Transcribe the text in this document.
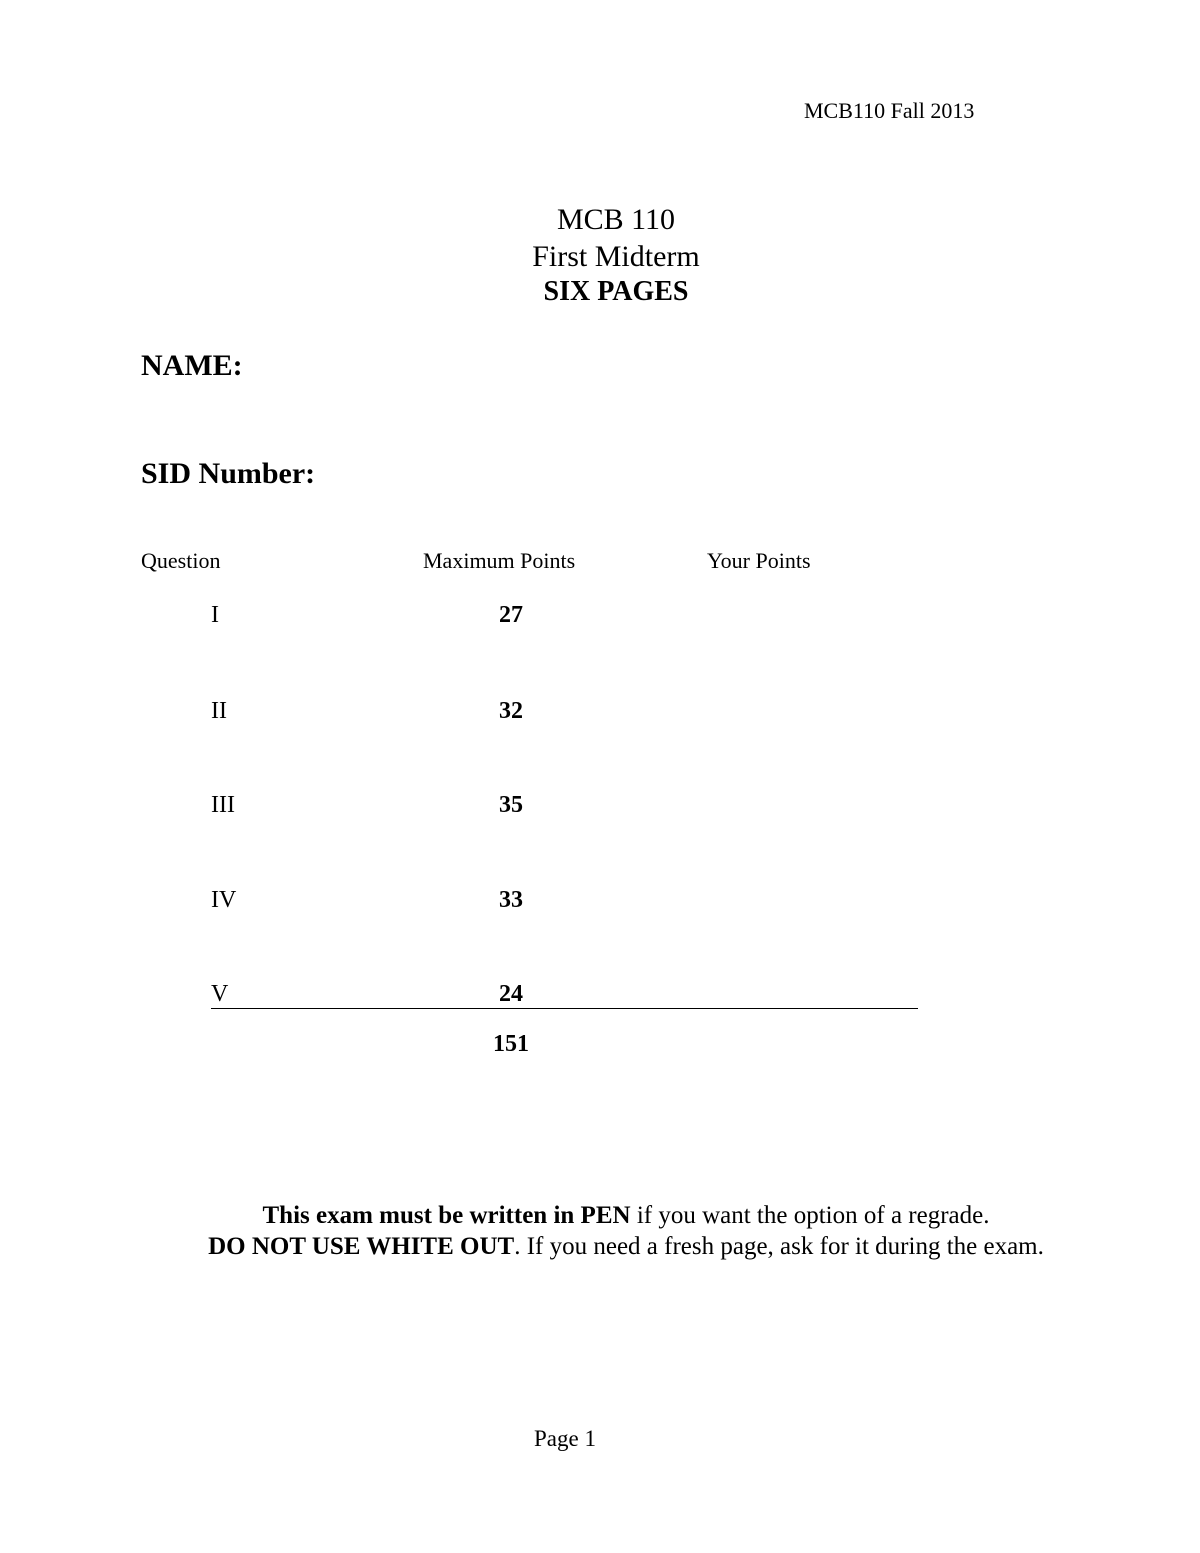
MCB110 Fall 2013
MCB 110
First Midterm
SIX PAGES
NAME:
SID Number:
Question	Maximum Points	Your Points
I	27
II	32
III	35
IV	33
V	24
151
This exam must be written in PEN if you want the option of a regrade.
DO NOT USE WHITE OUT. If you need a fresh page, ask for it during the exam.
Page 1
